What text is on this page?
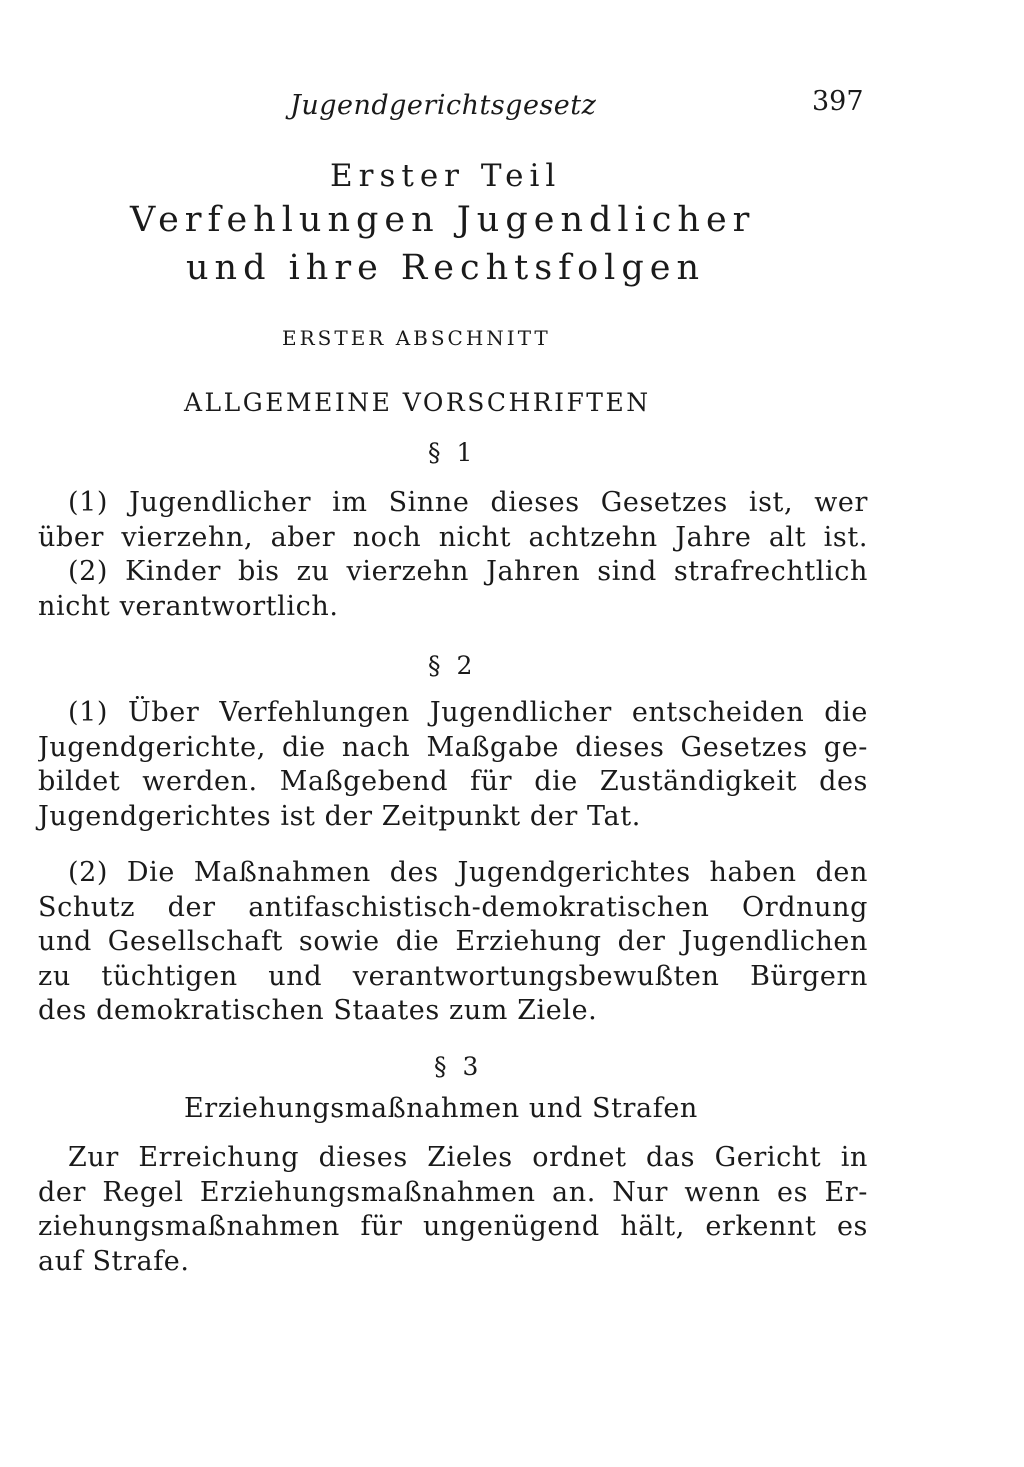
Jugendgerichtsgesetz	397
Erster Teil
Verfehlungen Jugendlicher
und ihre Rechtsfolgen
ERSTER ABSCHNITT
ALLGEMEINE VORSCHRIFTEN
§ 1
(1) Jugendlicher im Sinne dieses Gesetzes ist, wer
über vierzehn, aber noch nicht achtzehn Jahre alt ist.
(2) Kinder bis zu vierzehn Jahren sind strafrechtlich
nicht verantwortlich.
§ 2
(1) Über Verfehlungen Jugendlicher entscheiden die
Jugendgerichte, die nach Maßgabe dieses Gesetzes ge-
bildet werden. Maßgebend für die Zuständigkeit des
Jugendgerichtes ist der Zeitpunkt der Tat.
(2) Die Maßnahmen des Jugendgerichtes haben den
Schutz der antifaschistisch-demokratischen Ordnung
und Gesellschaft sowie die Erziehung der Jugendlichen
zu tüchtigen und verantwortungsbewußten Bürgern
des demokratischen Staates zum Ziele.
§ 3
Erziehungsmaßnahmen und Strafen
Zur Erreichung dieses Zieles ordnet das Gericht in
der Regel Erziehungsmaßnahmen an. Nur wenn es Er-
ziehungsmaßnahmen für ungenügend hält, erkennt es
auf Strafe.
